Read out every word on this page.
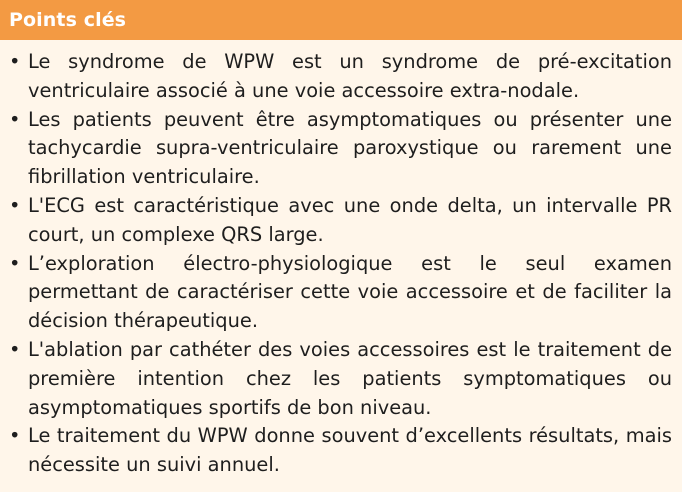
Points clés
• Le syndrome de WPW est un syndrome de pré-excitation ventriculaire associé à une voie accessoire extra-nodale.
• Les patients peuvent être asymptomatiques ou présenter une tachycardie supra-ventriculaire paroxystique ou rarement une fibrillation ventriculaire.
• L'ECG est caractéristique avec une onde delta, un intervalle PR court, un complexe QRS large.
• L’exploration électro-physiologique est le seul examen permettant de caractériser cette voie accessoire et de faciliter la décision thérapeutique.
• L'ablation par cathéter des voies accessoires est le traitement de première intention chez les patients symptomatiques ou asymptomatiques sportifs de bon niveau.
• Le traitement du WPW donne souvent d’excellents résultats, mais nécessite un suivi annuel.
